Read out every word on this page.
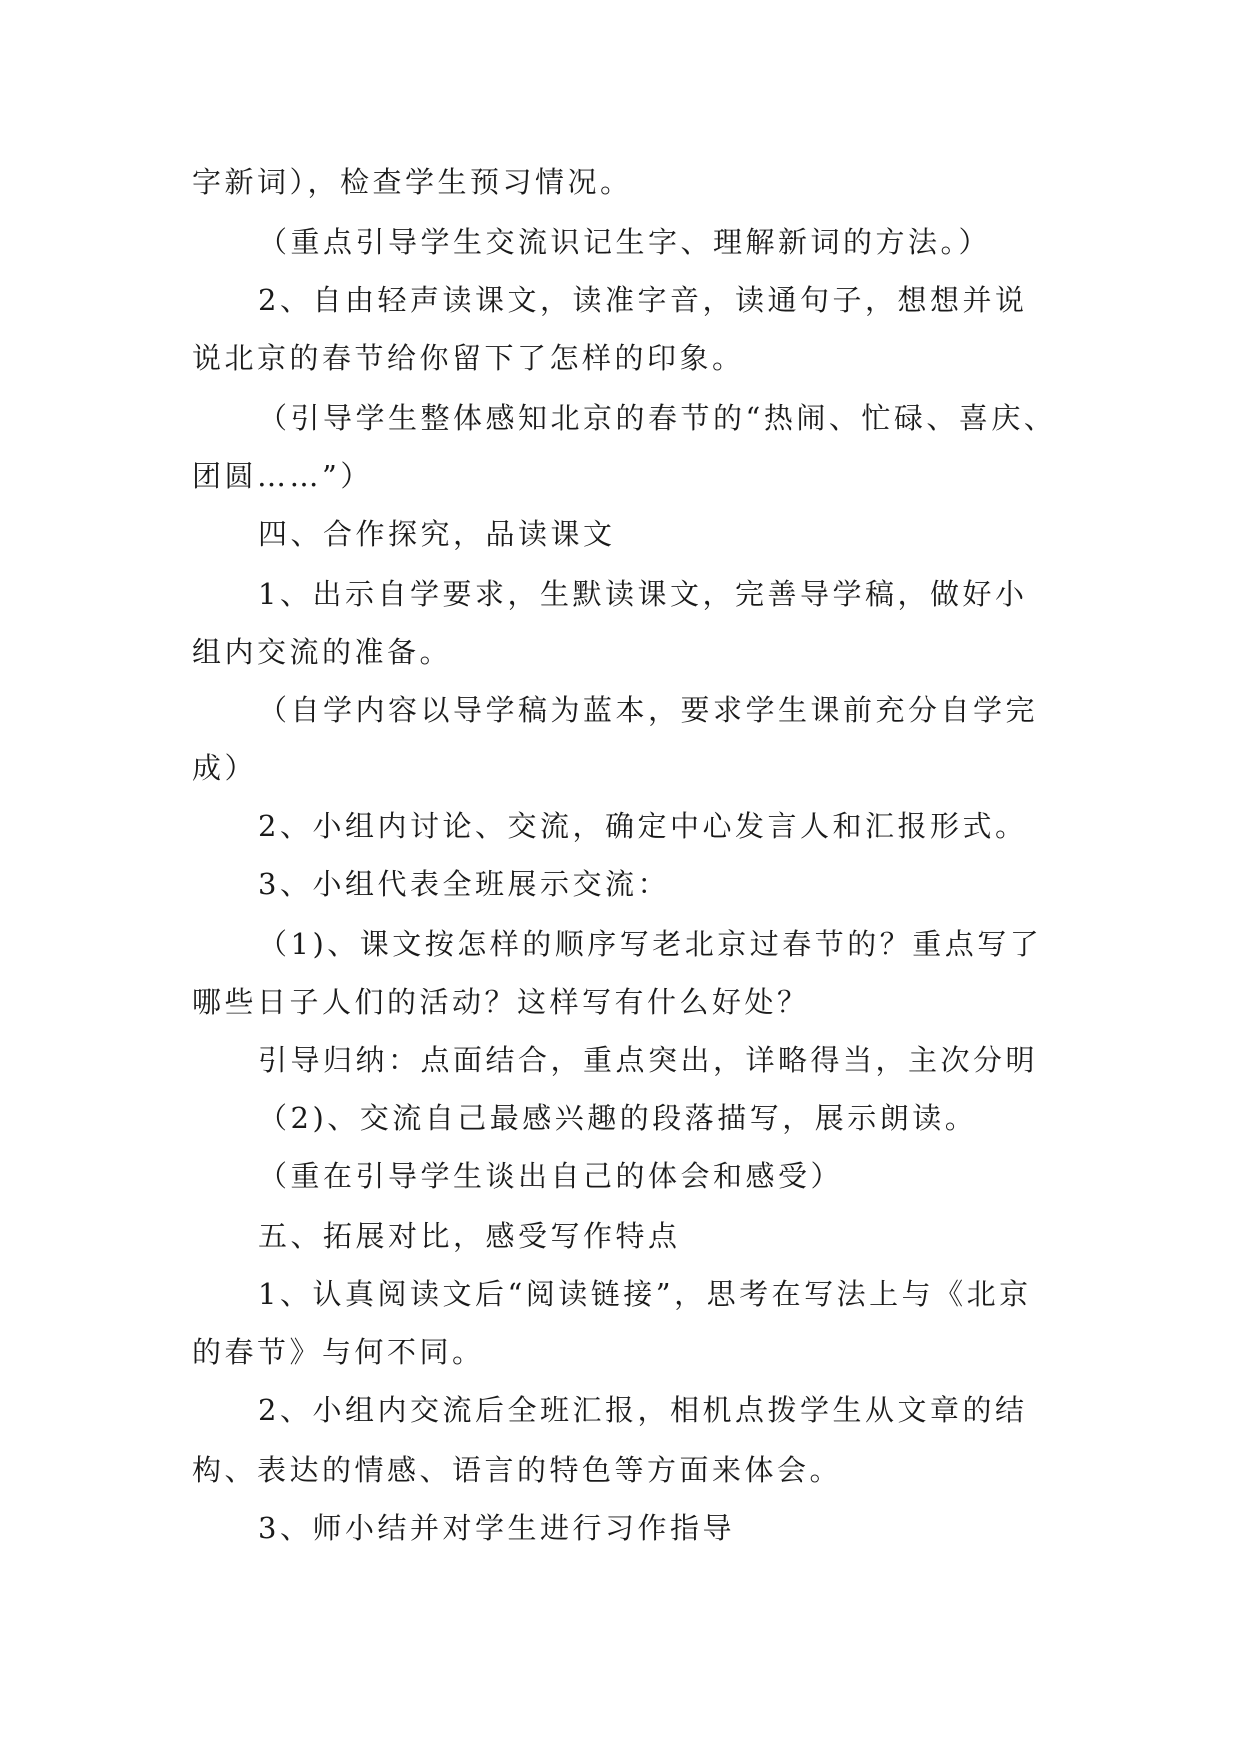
字新词），检查学生预习情况。
（重点引导学生交流识记生字、理解新词的方法。）
2、自由轻声读课文，读准字音，读通句子，想想并说
说北京的春节给你留下了怎样的印象。
（引导学生整体感知北京的春节的“热闹、忙碌、喜庆、
团圆……”）
四、合作探究，品读课文
1、出示自学要求，生默读课文，完善导学稿，做好小
组内交流的准备。
（自学内容以导学稿为蓝本，要求学生课前充分自学完
成）
2、小组内讨论、交流，确定中心发言人和汇报形式。
3、小组代表全班展示交流：
（1)、课文按怎样的顺序写老北京过春节的？重点写了
哪些日子人们的活动？这样写有什么好处？
引导归纳：点面结合，重点突出，详略得当，主次分明
（2)、交流自己最感兴趣的段落描写，展示朗读。
（重在引导学生谈出自己的体会和感受）
五、拓展对比，感受写作特点
1、认真阅读文后“阅读链接”，思考在写法上与《北京
的春节》与何不同。
2、小组内交流后全班汇报，相机点拨学生从文章的结
构、表达的情感、语言的特色等方面来体会。
3、师小结并对学生进行习作指导
